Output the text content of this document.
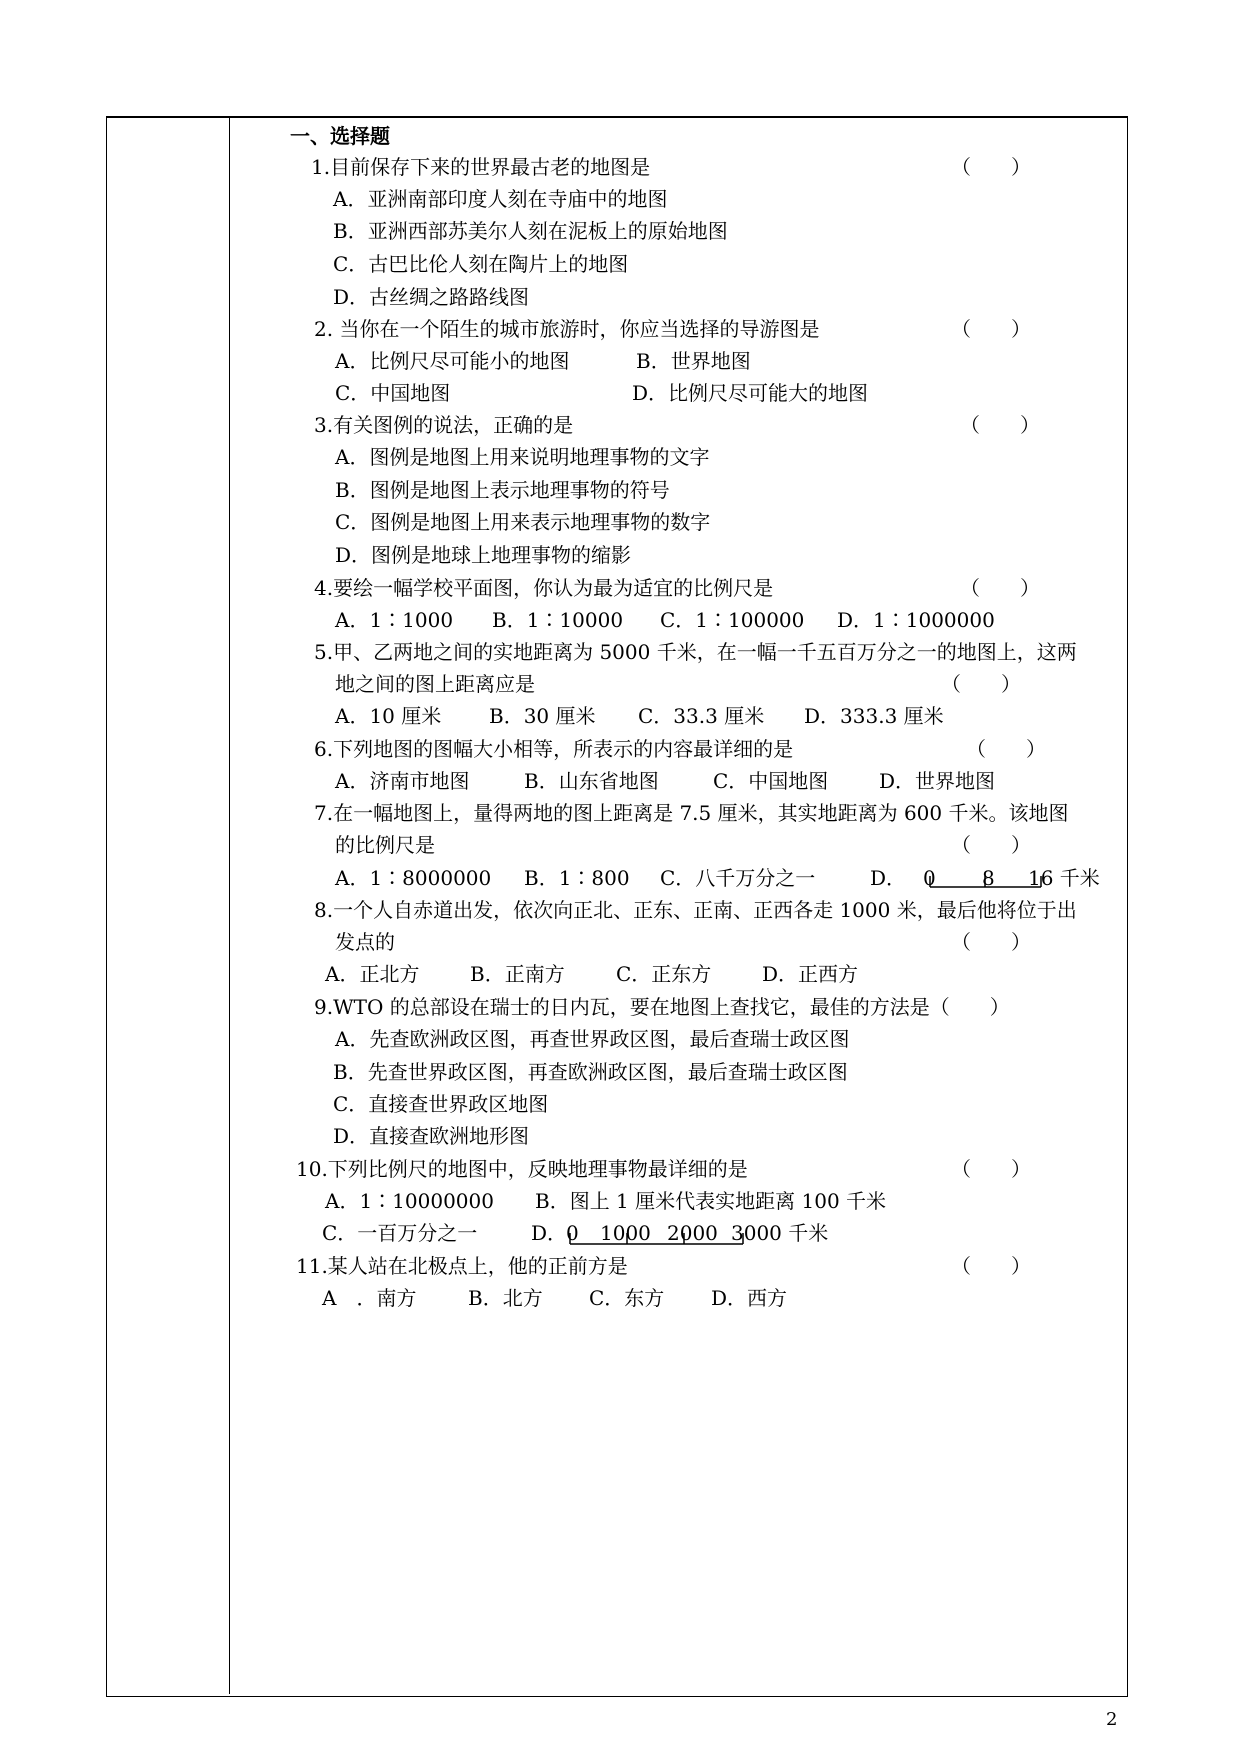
一、选择题
1.目前保存下来的世界最古老的地图是	（　　）
A．亚洲南部印度人刻在寺庙中的地图
B．亚洲西部苏美尔人刻在泥板上的原始地图
C．古巴比伦人刻在陶片上的地图
D．古丝绸之路路线图
2. 当你在一个陌生的城市旅游时，你应当选择的导游图是	（　　）
A．比例尺尽可能小的地图	B．世界地图
C．中国地图	D．比例尺尽可能大的地图
3.有关图例的说法，正确的是	（　　）
A．图例是地图上用来说明地理事物的文字
B．图例是地图上表示地理事物的符号
C．图例是地图上用来表示地理事物的数字
D．图例是地球上地理事物的缩影
4.要绘一幅学校平面图，你认为最为适宜的比例尺是	（　　）
A．1∶1000 B．1∶10000 C．1∶100000 D．1∶1000000
5.甲、乙两地之间的实地距离为 5000 千米，在一幅一千五百万分之一的地图上，这两
地之间的图上距离应是	（　　）
A．10 厘米 B．30 厘米 C．33.3 厘米 D．333.3 厘米
6.下列地图的图幅大小相等，所表示的内容最详细的是	（　　）
A．济南市地图	B．山东省地图	C．中国地图	D．世界地图
7.在一幅地图上，量得两地的图上距离是 7.5 厘米，其实地距离为 600 千米。该地图
的比例尺是	（　　）
A．1∶8000000 B．1∶800 C．八千万分之一	D． 0 8 16 千米
8.一个人自赤道出发，依次向正北、正东、正南、正西各走 1000 米，最后他将位于出
发点的	（　　）
A．正北方	B．正南方	C．正东方	D．正西方
9.WTO 的总部设在瑞士的日内瓦，要在地图上查找它，最佳的方法是（　　）
A．先查欧洲政区图，再查世界政区图，最后查瑞士政区图
B．先查世界政区图，再查欧洲政区图，最后查瑞士政区图
C．直接查世界政区地图
D．直接查欧洲地形图
10.下列比例尺的地图中，反映地理事物最详细的是	（　　）
A．1∶10000000 B．图上 1 厘米代表实地距离 100 千米
C．一百万分之一	D．
0 1000 2000 3000 千米
11.某人站在北极点上，他的正前方是	（　　）
A　．南方	B．北方 C．东方 D．西方
2
